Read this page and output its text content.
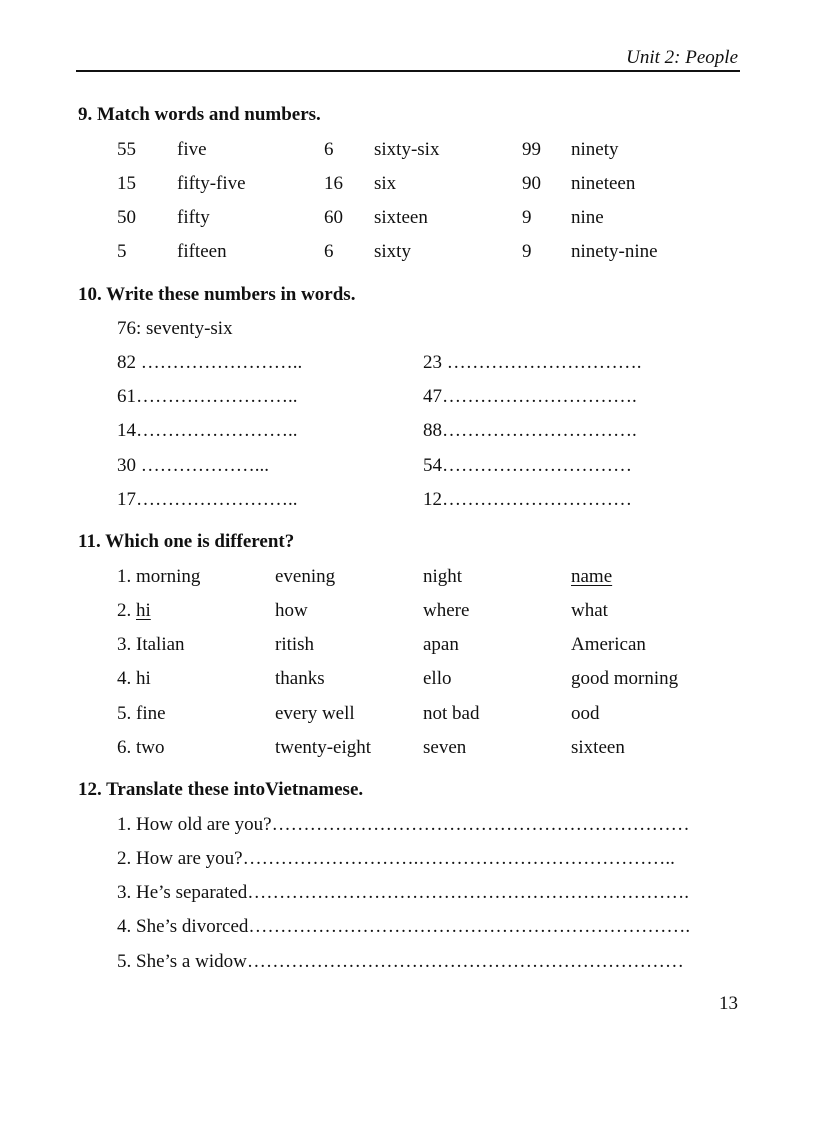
Unit 2: People
9. Match words and numbers.
55 five	6 sixty-six	99 ninety
15 fifty-five	16 six	90 nineteen
50 fifty	60 sixteen	9 nine
5	fifteen	6 sixty	9 ninety-nine
10. Write these numbers in words.
76: seventy-six
82 ……………………..	23 ………………………….
61……………………..	47………………………….
14……………………..	88………………………….
30 ………………...	54…………………………
17……………………..	12…………………………
11. Which one is different?
1. morning	evening	night	name
2. hi	how	where	what
3. Italian	ritish	apan	American
4. hi	thanks	ello	good morning
5. fine	every well	not bad	ood
6. two	twenty-eight	seven	sixteen
12. Translate these intoVietnamese.
1. How old are you?…………………………………………………………
2. How are you?……………………….…………………………………..
3. He’s separated…………………………………………………………….
4. She’s divorced…………………………………………………………….
5. She’s a widow……………………………………………………………
13
